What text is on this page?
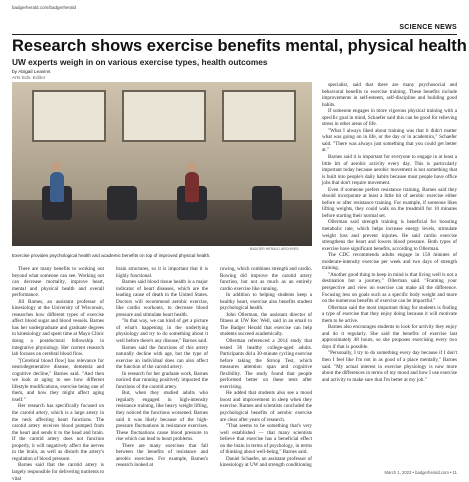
badgerherald.com/badgerherald
SCIENCE NEWS
Research shows exercise benefits mental, physical health
UW experts weigh in on various exercise types, health outcomes
by Abigail Leavins
Arts Eds. Editor
BADGER HERALD ARCHIVES
Exercise provides psychological health and academic benefits on top of improved physical health.

There are many benefits to working out beyond what someone can see. Working out can decrease mortality, improve heart, mental and physical health and overall performance.

Jill Barnes, an assistant professor of kinesiology at the University of Wisconsin, researches how different types of exercise affect blood sugar and blood vessels. Barnes has her undergraduate and graduate degrees in kinesiology and spent time at Mayo Clinic doing a postdoctoral fellowship in integrative physiology. Her current research lab focuses on cerebral blood flow.

"[Cerebral blood flow] has relevance for neurodegenerative disease, dementia and cognitive decline," Barnes said. "And then we look at aging to see how different lifestyle modifications, exercise being one of them, and how they might affect aging itself."

Her research has specifically focused on the carotid artery, which is a large artery in the neck affecting heart functions. The carotid artery receives blood pumped from the heart and sends it to the head and brain. If the carotid artery does not function properly, it will negatively affect the nerves in the brain, as well as disturb the artery's regulation of blood pressure.

Barnes said that the carotid artery is largely responsible for delivering nutrients to vital

brain structures, so it is important that it is highly functional.

Barnes said blood tissue health is a major indicator of heart diseases, which are the leading cause of death in the United States. Doctors will recommend aerobic exercise, like cardio workouts, to decrease blood pressure and stimulate heart health.

"In that way, we can kind of get a picture of what's happening in the underlying physiology and try to do something about it well before there's any disease," Barnes said.

Barnes said the functions of this artery naturally decline with age, but the type of exercise an individual does can also affect the function of the carotid artery.

In research for her graduate work, Barnes noticed that running positively impacted the functions of the carotid artery.

But, when they studied adults who regularly engaged in high-intensity resistance training, like heavy weight lifting, they noticed the functions worsened. Barnes said it was likely because of the high-pressure fluctuations in resistance exercises. These fluctuations cause blood pressure to rise which can lead to heart problems.

There are many exercises that fall between the benefits of resistance and aerobic exercises. For example, Barnes's research looked at

rowing, which combines strength and cardio. Rowing did improve the carotid artery function, but not as much as an entirely cardio exercise like running.

In addition to helping students keep a healthy heart, exercise also benefits student psychological health.

John Ollerman, the assistant director of fitness at UW Rec Well, said in an email to The Badger Herald that exercise can help students succeed academically.

Ollerman referenced a 2014 study that tested 36 healthy college-aged adults. Participants did a 30-minute cycling exercise before taking the Stroop Test, which measures attention span and cognitive flexibility. The study found that people performed better on these tests after exercising.

He added that students also see a mood boost and improvement in sleep when they exercise. Barnes and scientists concluded the psychological benefits of aerobic exercise are clear after years of research.

"That seems to be something that's very well established — that many scientists believe that exercise has a beneficial effect on the brain in terms of psychology, in terms of thinking about well-being," Barnes said.

Daniel Schaefer, an assistant professor of kinesiology at UW and strength conditioning

specialist, said that there are many psychosocial and behavioral benefits to exercise training. These benefits include improvements in self-esteem, self-discipline and building good habits.

If someone engages in more vigorous physical training with a specific goal in mind, Schaefer said this can be good for relieving stress in other areas of life.

"What I always liked about training was that it didn't matter what was going on in life, or the day or in academics," Schaefer said. "There was always just something that you could get better at."

Barnes said it is important for everyone to engage in at least a little bit of aerobic activity every day. This is particularly important today because aerobic movement is not something that is built into people's daily habits because most people have office jobs that don't require movement.

Even if someone prefers resistance training, Barnes said they should incorporate at least a little bit of aerobic exercise either before or after resistance training. For example, if someone likes lifting weights, they could walk on the treadmill for 10 minutes before starting their normal set.

Ollerman said strength training is beneficial for boosting metabolic rate, which helps increase energy levels, stimulate weight loss and prevent injuries. He said cardio exercise strengthens the heart and lowers blood pressure. Both types of exercise have significant benefits, according to Ollerman.

The CDC recommends adults engage in 150 minutes of moderate-intensity exercise per week and two days of strength training.

"Another good thing to keep in mind is that living well is not a destination but a journey," Ollerman said. "Framing your perspective and view on exercise can make all the difference. Focusing less on goals such as a specific body weight and more on the numerous benefits of exercise can be impactful."

Ollerman said the most important thing for students is finding a type of exercise that they enjoy doing because it will motivate them to be active.

Barnes also encourages students to look for activity they enjoy and do it regularly. She said the benefits of exercise last approximately 48 hours, so she proposes exercising every two days if that is possible.

"Personally, I try to do something every day because if I don't then I feel like I'm not in as good of a place mentally," Barnes said. "My actual interest in exercise physiology is now more about the differences in terms of my mood and how I use exercise and activity to make sure that I'm better at my job."

March 1, 2023 • badgerherald.com • 11
